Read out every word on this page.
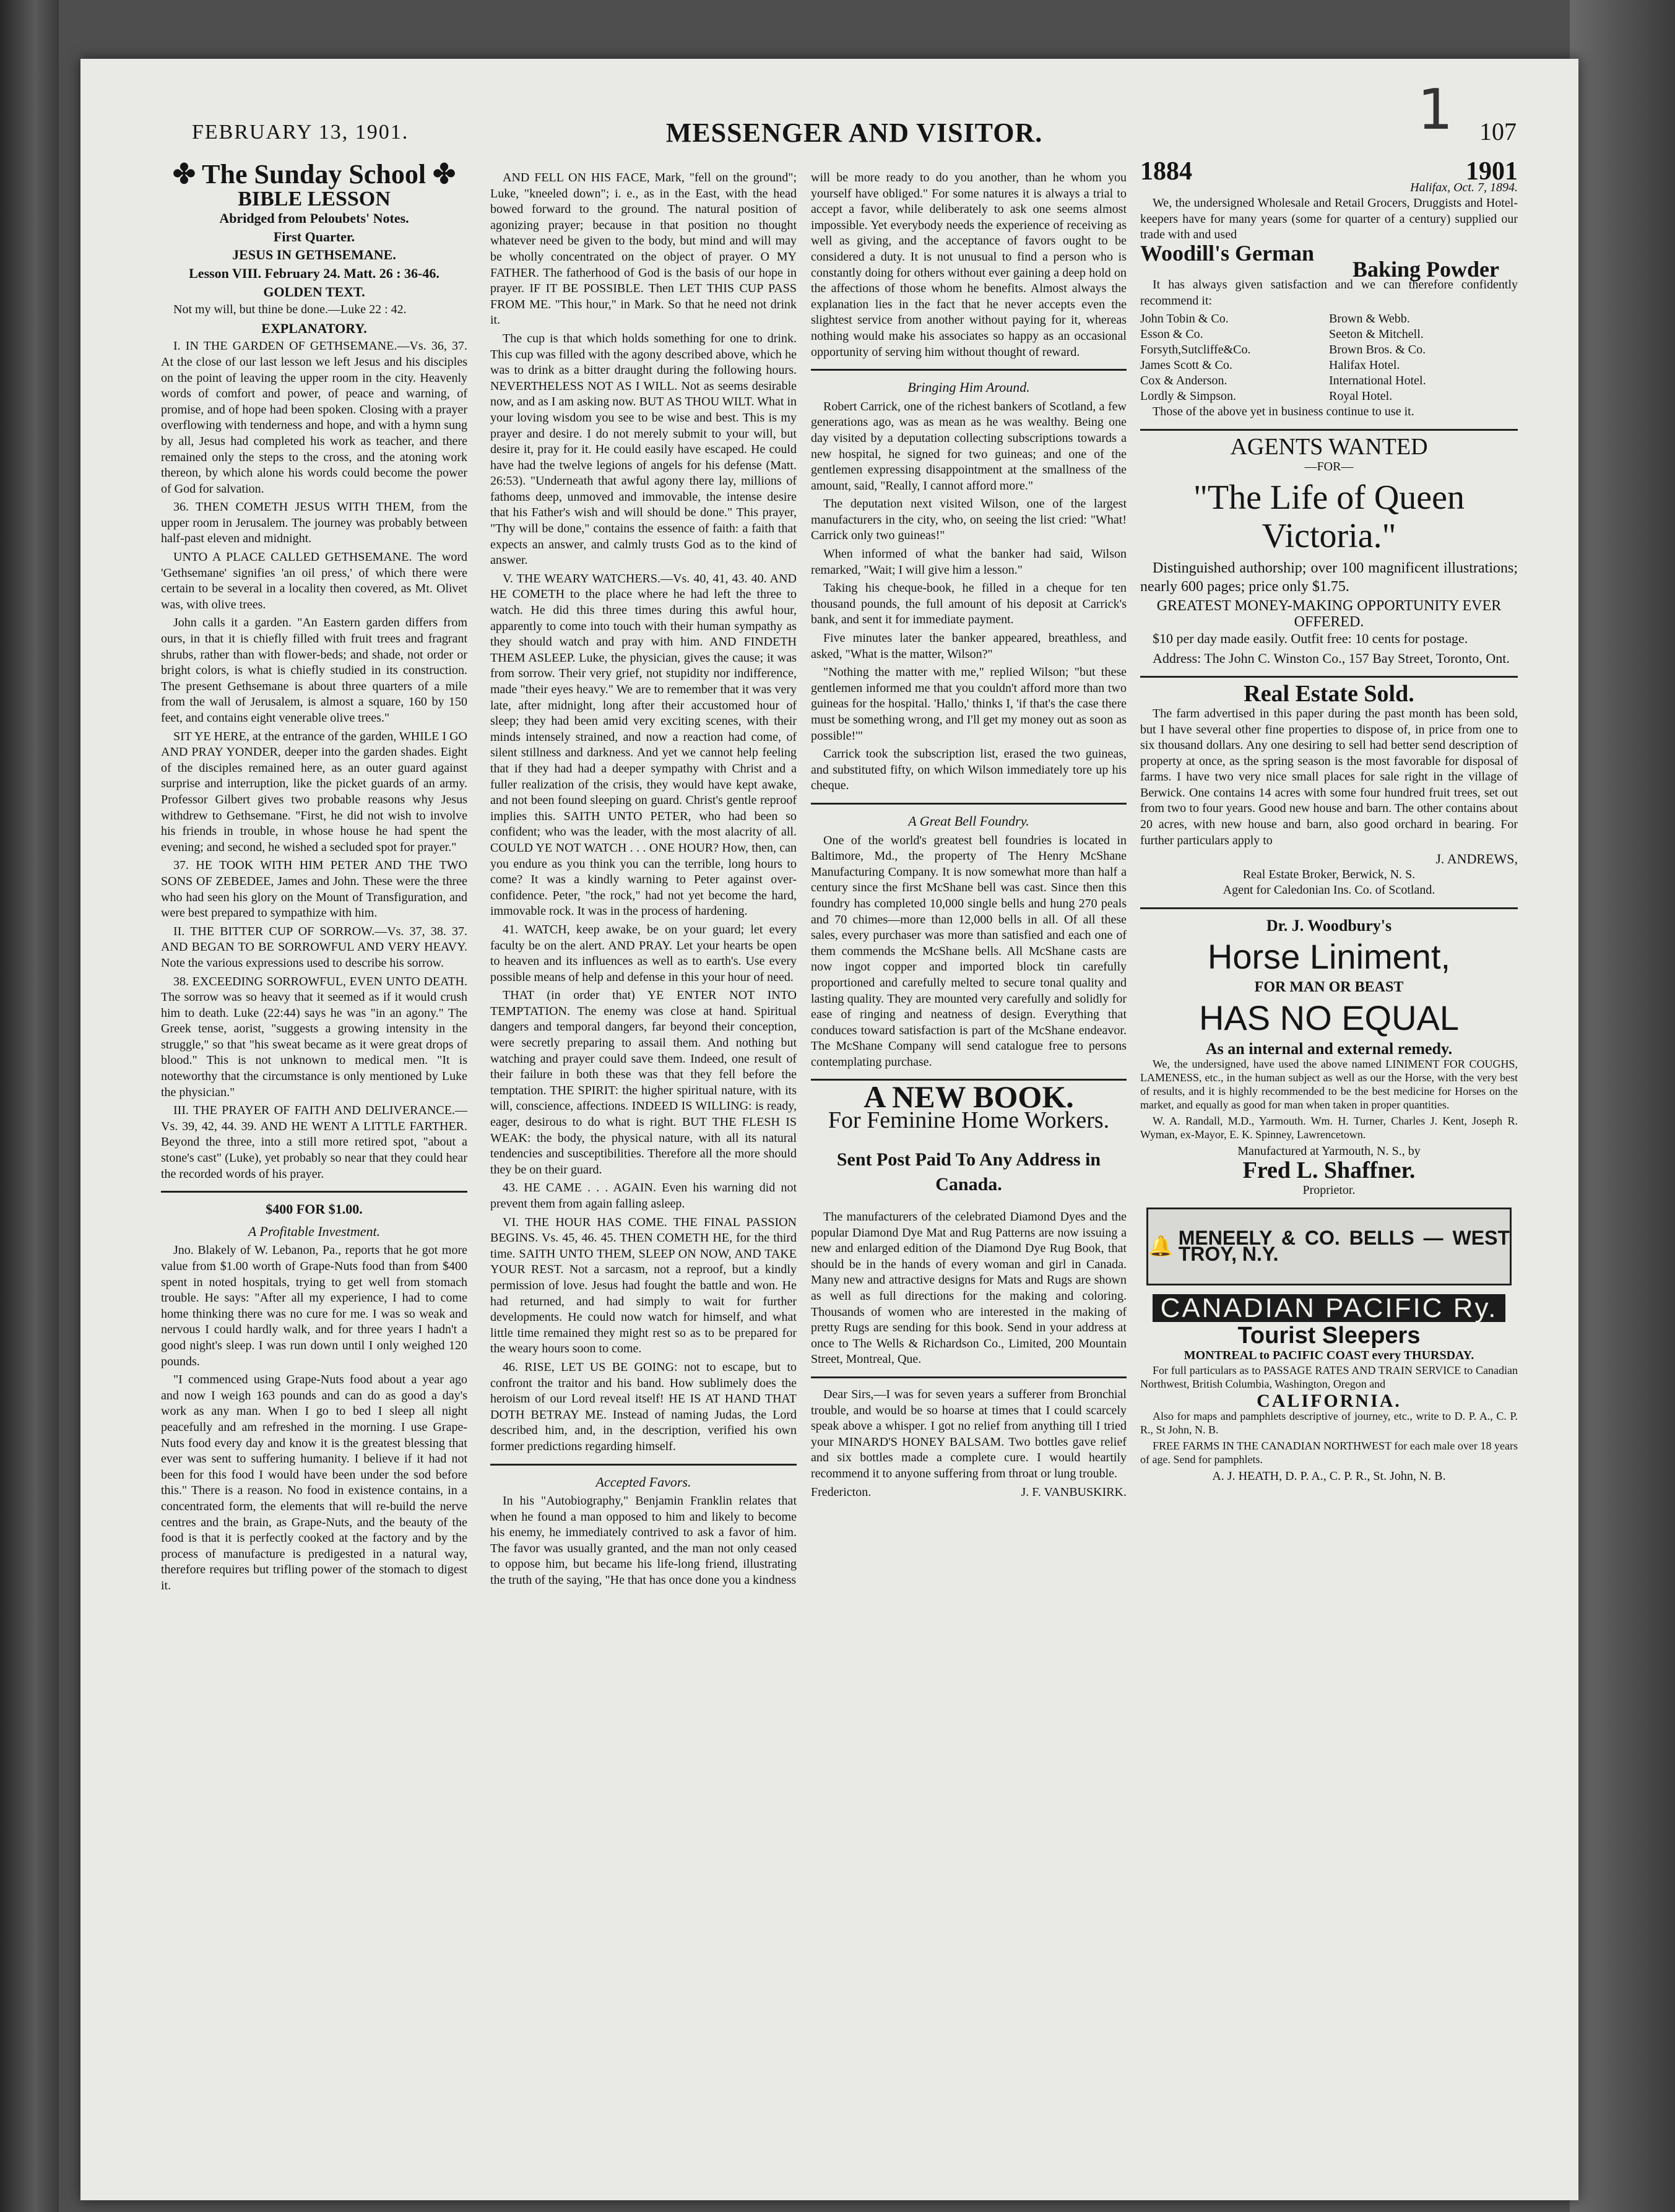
1
FEBRUARY 13, 1901.	MESSENGER AND VISITOR.	107
✤ The Sunday School ✤
BIBLE LESSON
Abridged from Peloubets' Notes.
First Quarter.
JESUS IN GETHSEMANE.
Lesson VIII. February 24. Matt. 26 : 36-46.
GOLDEN TEXT.

Not my will, but thine be done.—Luke 22 : 42.

EXPLANATORY.

I. IN THE GARDEN OF GETHSEMANE.—Vs. 36, 37. At the close of our last lesson we left Jesus and his disciples on the point of leaving the upper room in the city. Heavenly words of comfort and power, of peace and warning, of promise, and of hope had been spoken. Closing with a prayer overflowing with tenderness and hope, and with a hymn sung by all, Jesus had completed his work as teacher, and there remained only the steps to the cross, and the atoning work thereon, by which alone his words could become the power of God for salvation.

36. THEN COMETH JESUS WITH THEM, from the upper room in Jerusalem. The journey was probably between half-past eleven and midnight.

UNTO A PLACE CALLED GETHSEMANE. The word 'Gethsemane' signifies 'an oil press,' of which there were certain to be several in a locality then covered, as Mt. Olivet was, with olive trees.

John calls it a garden. "An Eastern garden differs from ours, in that it is chiefly filled with fruit trees and fragrant shrubs, rather than with flower-beds; and shade, not order or bright colors, is what is chiefly studied in its construction. The present Gethsemane is about three quarters of a mile from the wall of Jerusalem, is almost a square, 160 by 150 feet, and contains eight venerable olive trees."

SIT YE HERE, at the entrance of the garden, WHILE I GO AND PRAY YONDER, deeper into the garden shades. Eight of the disciples remained here, as an outer guard against surprise and interruption, like the picket guards of an army. Professor Gilbert gives two probable reasons why Jesus withdrew to Gethsemane. "First, he did not wish to involve his friends in trouble, in whose house he had spent the evening; and second, he wished a secluded spot for prayer."

37. HE TOOK WITH HIM PETER AND THE TWO SONS OF ZEBEDEE, James and John. These were the three who had seen his glory on the Mount of Transfiguration, and were best prepared to sympathize with him.

II. THE BITTER CUP OF SORROW.—Vs. 37, 38. 37. AND BEGAN TO BE SORROWFUL AND VERY HEAVY. Note the various expressions used to describe his sorrow.

38. EXCEEDING SORROWFUL, EVEN UNTO DEATH. The sorrow was so heavy that it seemed as if it would crush him to death. Luke (22:44) says he was "in an agony." The Greek tense, aorist, "suggests a growing intensity in the struggle," so that "his sweat became as it were great drops of blood." This is not unknown to medical men. "It is noteworthy that the circumstance is only mentioned by Luke the physician."

III. THE PRAYER OF FAITH AND DELIVERANCE.—Vs. 39, 42, 44. 39. AND HE WENT A LITTLE FARTHER. Beyond the three, into a still more retired spot, "about a stone's cast" (Luke), yet probably so near that they could hear the recorded words of his prayer.

$400 FOR $1.00.
A Profitable Investment.

Jno. Blakely of W. Lebanon, Pa., reports that he got more value from $1.00 worth of Grape-Nuts food than from $400 spent in noted hospitals, trying to get well from stomach trouble. He says: "After all my experience, I had to come home thinking there was no cure for me. I was so weak and nervous I could hardly walk, and for three years I hadn't a good night's sleep. I was run down until I only weighed 120 pounds.

"I commenced using Grape-Nuts food about a year ago and now I weigh 163 pounds and can do as good a day's work as any man. When I go to bed I sleep all night peacefully and am refreshed in the morning. I use Grape-Nuts food every day and know it is the greatest blessing that ever was sent to suffering humanity. I believe if it had not been for this food I would have been under the sod before this." There is a reason. No food in existence contains, in a concentrated form, the elements that will re-build the nerve centres and the brain, as Grape-Nuts, and the beauty of the food is that it is perfectly cooked at the factory and by the process of manufacture is predigested in a natural way, therefore requires but trifling power of the stomach to digest it.

AND FELL ON HIS FACE, Mark, "fell on the ground"; Luke, "kneeled down"; i. e., as in the East, with the head bowed forward to the ground. The natural position of agonizing prayer; because in that position no thought whatever need be given to the body, but mind and will may be wholly concentrated on the object of prayer. O MY FATHER. The fatherhood of God is the basis of our hope in prayer. IF IT BE POSSIBLE. Then LET THIS CUP PASS FROM ME. "This hour," in Mark. So that he need not drink it.

The cup is that which holds something for one to drink. This cup was filled with the agony described above, which he was to drink as a bitter draught during the following hours. NEVERTHELESS NOT AS I WILL. Not as seems desirable now, and as I am asking now. BUT AS THOU WILT. What in your loving wisdom you see to be wise and best. This is my prayer and desire. I do not merely submit to your will, but desire it, pray for it. He could easily have escaped. He could have had the twelve legions of angels for his defense (Matt. 26:53). "Underneath that awful agony there lay, millions of fathoms deep, unmoved and immovable, the intense desire that his Father's wish and will should be done." This prayer, "Thy will be done," contains the essence of faith: a faith that expects an answer, and calmly trusts God as to the kind of answer.

V. THE WEARY WATCHERS.—Vs. 40, 41, 43. 40. AND HE COMETH to the place where he had left the three to watch. He did this three times during this awful hour, apparently to come into touch with their human sympathy as they should watch and pray with him. AND FINDETH THEM ASLEEP. Luke, the physician, gives the cause; it was from sorrow. Their very grief, not stupidity nor indifference, made "their eyes heavy." We are to remember that it was very late, after midnight, long after their accustomed hour of sleep; they had been amid very exciting scenes, with their minds intensely strained, and now a reaction had come, of silent stillness and darkness. And yet we cannot help feeling that if they had had a deeper sympathy with Christ and a fuller realization of the crisis, they would have kept awake, and not been found sleeping on guard. Christ's gentle reproof implies this. SAITH UNTO PETER, who had been so confident; who was the leader, with the most alacrity of all. COULD YE NOT WATCH . . . ONE HOUR? How, then, can you endure as you think you can the terrible, long hours to come? It was a kindly warning to Peter against over-confidence. Peter, "the rock," had not yet become the hard, immovable rock. It was in the process of hardening.

41. WATCH, keep awake, be on your guard; let every faculty be on the alert. AND PRAY. Let your hearts be open to heaven and its influences as well as to earth's. Use every possible means of help and defense in this your hour of need.

THAT (in order that) YE ENTER NOT INTO TEMPTATION. The enemy was close at hand. Spiritual dangers and temporal dangers, far beyond their conception, were secretly preparing to assail them. And nothing but watching and prayer could save them. Indeed, one result of their failure in both these was that they fell before the temptation. THE SPIRIT: the higher spiritual nature, with its will, conscience, affections. INDEED IS WILLING: is ready, eager, desirous to do what is right. BUT THE FLESH IS WEAK: the body, the physical nature, with all its natural tendencies and susceptibilities. Therefore all the more should they be on their guard.

43. HE CAME . . . AGAIN. Even his warning did not prevent them from again falling asleep.

VI. THE HOUR HAS COME. THE FINAL PASSION BEGINS. Vs. 45, 46. 45. THEN COMETH HE, for the third time. SAITH UNTO THEM, SLEEP ON NOW, AND TAKE YOUR REST. Not a sarcasm, not a reproof, but a kindly permission of love. Jesus had fought the battle and won. He had returned, and had simply to wait for further developments. He could now watch for himself, and what little time remained they might rest so as to be prepared for the weary hours soon to come.

46. RISE, LET US BE GOING: not to escape, but to confront the traitor and his band. How sublimely does the heroism of our Lord reveal itself! HE IS AT HAND THAT DOTH BETRAY ME. Instead of naming Judas, the Lord described him, and, in the description, verified his own former predictions regarding himself.

Accepted Favors.

In his "Autobiography," Benjamin Franklin relates that when he found a man opposed to him and likely to become his enemy, he immediately contrived to ask a favor of him. The favor was usually granted, and the man not only ceased to oppose him, but became his life-long friend, illustrating the truth of the saying, "He that has once done you a kindness

will be more ready to do you another, than he whom you yourself have obliged." For some natures it is always a trial to accept a favor, while deliberately to ask one seems almost impossible. Yet everybody needs the experience of receiving as well as giving, and the acceptance of favors ought to be considered a duty. It is not unusual to find a person who is constantly doing for others without ever gaining a deep hold on the affections of those whom he benefits. Almost always the explanation lies in the fact that he never accepts even the slightest service from another without paying for it, whereas nothing would make his associates so happy as an occasional opportunity of serving him without thought of reward.

Bringing Him Around.

Robert Carrick, one of the richest bankers of Scotland, a few generations ago, was as mean as he was wealthy. Being one day visited by a deputation collecting subscriptions towards a new hospital, he signed for two guineas; and one of the gentlemen expressing disappointment at the smallness of the amount, said, "Really, I cannot afford more."

The deputation next visited Wilson, one of the largest manufacturers in the city, who, on seeing the list cried: "What! Carrick only two guineas!"

When informed of what the banker had said, Wilson remarked, "Wait; I will give him a lesson."

Taking his cheque-book, he filled in a cheque for ten thousand pounds, the full amount of his deposit at Carrick's bank, and sent it for immediate payment.

Five minutes later the banker appeared, breathless, and asked, "What is the matter, Wilson?"

"Nothing the matter with me," replied Wilson; "but these gentlemen informed me that you couldn't afford more than two guineas for the hospital. 'Hallo,' thinks I, 'if that's the case there must be something wrong, and I'll get my money out as soon as possible!'"

Carrick took the subscription list, erased the two guineas, and substituted fifty, on which Wilson immediately tore up his cheque.

A Great Bell Foundry.

One of the world's greatest bell foundries is located in Baltimore, Md., the property of The Henry McShane Manufacturing Company. It is now somewhat more than half a century since the first McShane bell was cast. Since then this foundry has completed 10,000 single bells and hung 270 peals and 70 chimes—more than 12,000 bells in all. Of all these sales, every purchaser was more than satisfied and each one of them commends the McShane bells. All McShane casts are now ingot copper and imported block tin carefully proportioned and carefully melted to secure tonal quality and lasting quality. They are mounted very carefully and solidly for ease of ringing and neatness of design. Everything that conduces toward satisfaction is part of the McShane endeavor. The McShane Company will send catalogue free to persons contemplating purchase.

A NEW BOOK.
For Feminine Home Workers.
Sent Post Paid To Any Address in Canada.

The manufacturers of the celebrated Diamond Dyes and the popular Diamond Dye Mat and Rug Patterns are now issuing a new and enlarged edition of the Diamond Dye Rug Book, that should be in the hands of every woman and girl in Canada. Many new and attractive designs for Mats and Rugs are shown as well as full directions for the making and coloring. Thousands of women who are interested in the making of pretty Rugs are sending for this book. Send in your address at once to The Wells & Richardson Co., Limited, 200 Mountain Street, Montreal, Que.

Dear Sirs,—I was for seven years a sufferer from Bronchial trouble, and would be so hoarse at times that I could scarcely speak above a whisper. I got no relief from anything till I tried your MINARD'S HONEY BALSAM. Two bottles gave relief and six bottles made a complete cure. I would heartily recommend it to anyone suffering from throat or lung trouble.

Fredericton.	J. F. VANBUSKIRK.
1884	1901
Halifax, Oct. 7, 1894.

We, the undersigned Wholesale and Retail Grocers, Druggists and Hotel-keepers have for many years (some for quarter of a century) supplied our trade with and used

Woodill's German
Baking Powder

It has always given satisfaction and we can therefore confidently recommend it:

John Tobin & Co.	Brown & Webb.
Esson & Co.	Seeton & Mitchell.
Forsyth,Sutcliffe&Co.	Brown Bros. & Co.
James Scott & Co.	Halifax Hotel.
Cox & Anderson.	International Hotel.
Lordly & Simpson.	Royal Hotel.

Those of the above yet in business continue to use it.

AGENTS WANTED
—FOR—
"The Life of Queen Victoria."

Distinguished authorship; over 100 magnificent illustrations; nearly 600 pages; price only $1.75.

GREATEST MONEY-MAKING OPPORTUNITY EVER OFFERED.

$10 per day made easily. Outfit free: 10 cents for postage.

Address: The John C. Winston Co., 157 Bay Street, Toronto, Ont.

Real Estate Sold.

The farm advertised in this paper during the past month has been sold, but I have several other fine properties to dispose of, in price from one to six thousand dollars. Any one desiring to sell had better send description of property at once, as the spring season is the most favorable for disposal of farms. I have two very nice small places for sale right in the village of Berwick. One contains 14 acres with some four hundred fruit trees, set out from two to four years. Good new house and barn. The other contains about 20 acres, with new house and barn, also good orchard in bearing. For further particulars apply to

J. ANDREWS,
Real Estate Broker, Berwick, N. S.
Agent for Caledonian Ins. Co. of Scotland.
Dr. J. Woodbury's
Horse Liniment,
FOR MAN OR BEAST
HAS NO EQUAL
As an internal and external remedy.

We, the undersigned, have used the above named LINIMENT FOR COUGHS, LAMENESS, etc., in the human subject as well as our the Horse, with the very best of results, and it is highly recommended to be the best medicine for Horses on the market, and equally as good for man when taken in proper quantities.

W. A. Randall, M.D., Yarmouth. Wm. H. Turner, Charles J. Kent, Joseph R. Wyman, ex-Mayor, E. K. Spinney, Lawrencetown.

Manufactured at Yarmouth, N. S., by
Fred L. Shaffner.
Proprietor.
🔔 MENEELY & CO. BELLS — WEST TROY, N.Y.
CANADIAN PACIFIC Ry.
Tourist Sleepers
MONTREAL to PACIFIC COAST every THURSDAY.

For full particulars as to PASSAGE RATES AND TRAIN SERVICE to Canadian Northwest, British Columbia, Washington, Oregon and

CALIFORNIA.

Also for maps and pamphlets descriptive of journey, etc., write to D. P. A., C. P. R., St John, N. B.

FREE FARMS IN THE CANADIAN NORTHWEST for each male over 18 years of age. Send for pamphlets.

A. J. HEATH, D. P. A., C. P. R., St. John, N. B.
